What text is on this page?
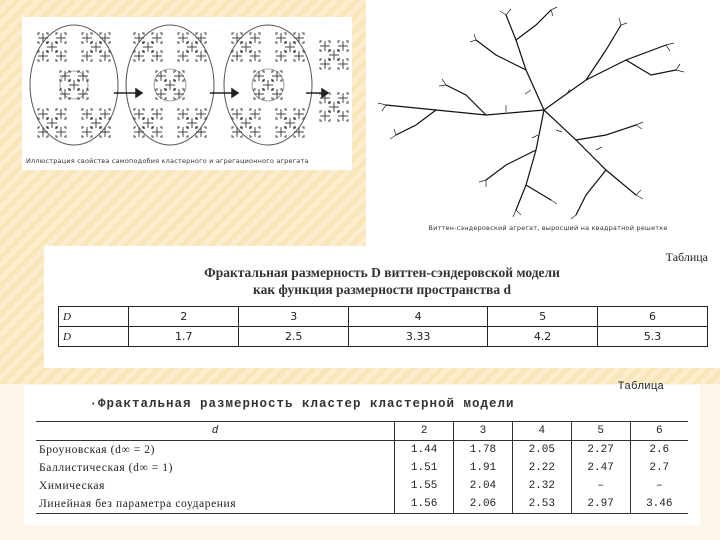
Иллюстрация свойства самоподобия кластерного и агрегационного агрегата
Виттен-сэндеровский агрегат, выросший на квадратной решетке
Таблица
Фрактальная размерность D виттен-сэндеровской модели
как функция размерности пространства d
D	2	3	4	5	6
D	1.7	2.5	3.33	4.2	5.3
Таблица
·Фрактальная размерность кластер кластерной модели
d	2	3	4	5	6
Броуновская (d∞ = 2)	1.44	1.78	2.05	2.27	2.6
Баллистическая (d∞ = 1)	1.51	1.91	2.22	2.47	2.7
Химическая	1.55	2.04	2.32	–	–
Линейная без параметра соударения	1.56	2.06	2.53	2.97	3.46
